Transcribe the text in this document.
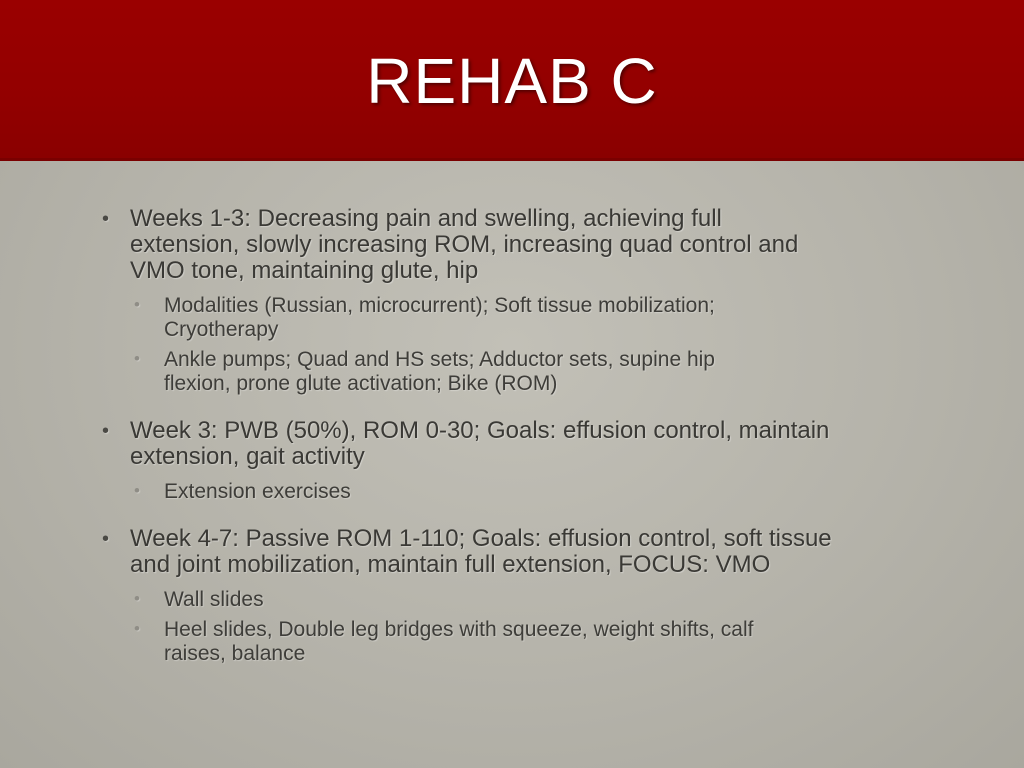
REHAB C
• Weeks 1-3: Decreasing pain and swelling, achieving full
extension, slowly increasing ROM, increasing quad control and
VMO tone, maintaining glute, hip
• Modalities (Russian, microcurrent); Soft tissue mobilization;
Cryotherapy
• Ankle pumps; Quad and HS sets; Adductor sets, supine hip
flexion, prone glute activation; Bike (ROM)
• Week 3: PWB (50%), ROM 0-30; Goals: effusion control, maintain
extension, gait activity
• Extension exercises
• Week 4-7: Passive ROM 1-110; Goals: effusion control, soft tissue
and joint mobilization, maintain full extension, FOCUS: VMO
• Wall slides
• Heel slides, Double leg bridges with squeeze, weight shifts, calf
raises, balance
